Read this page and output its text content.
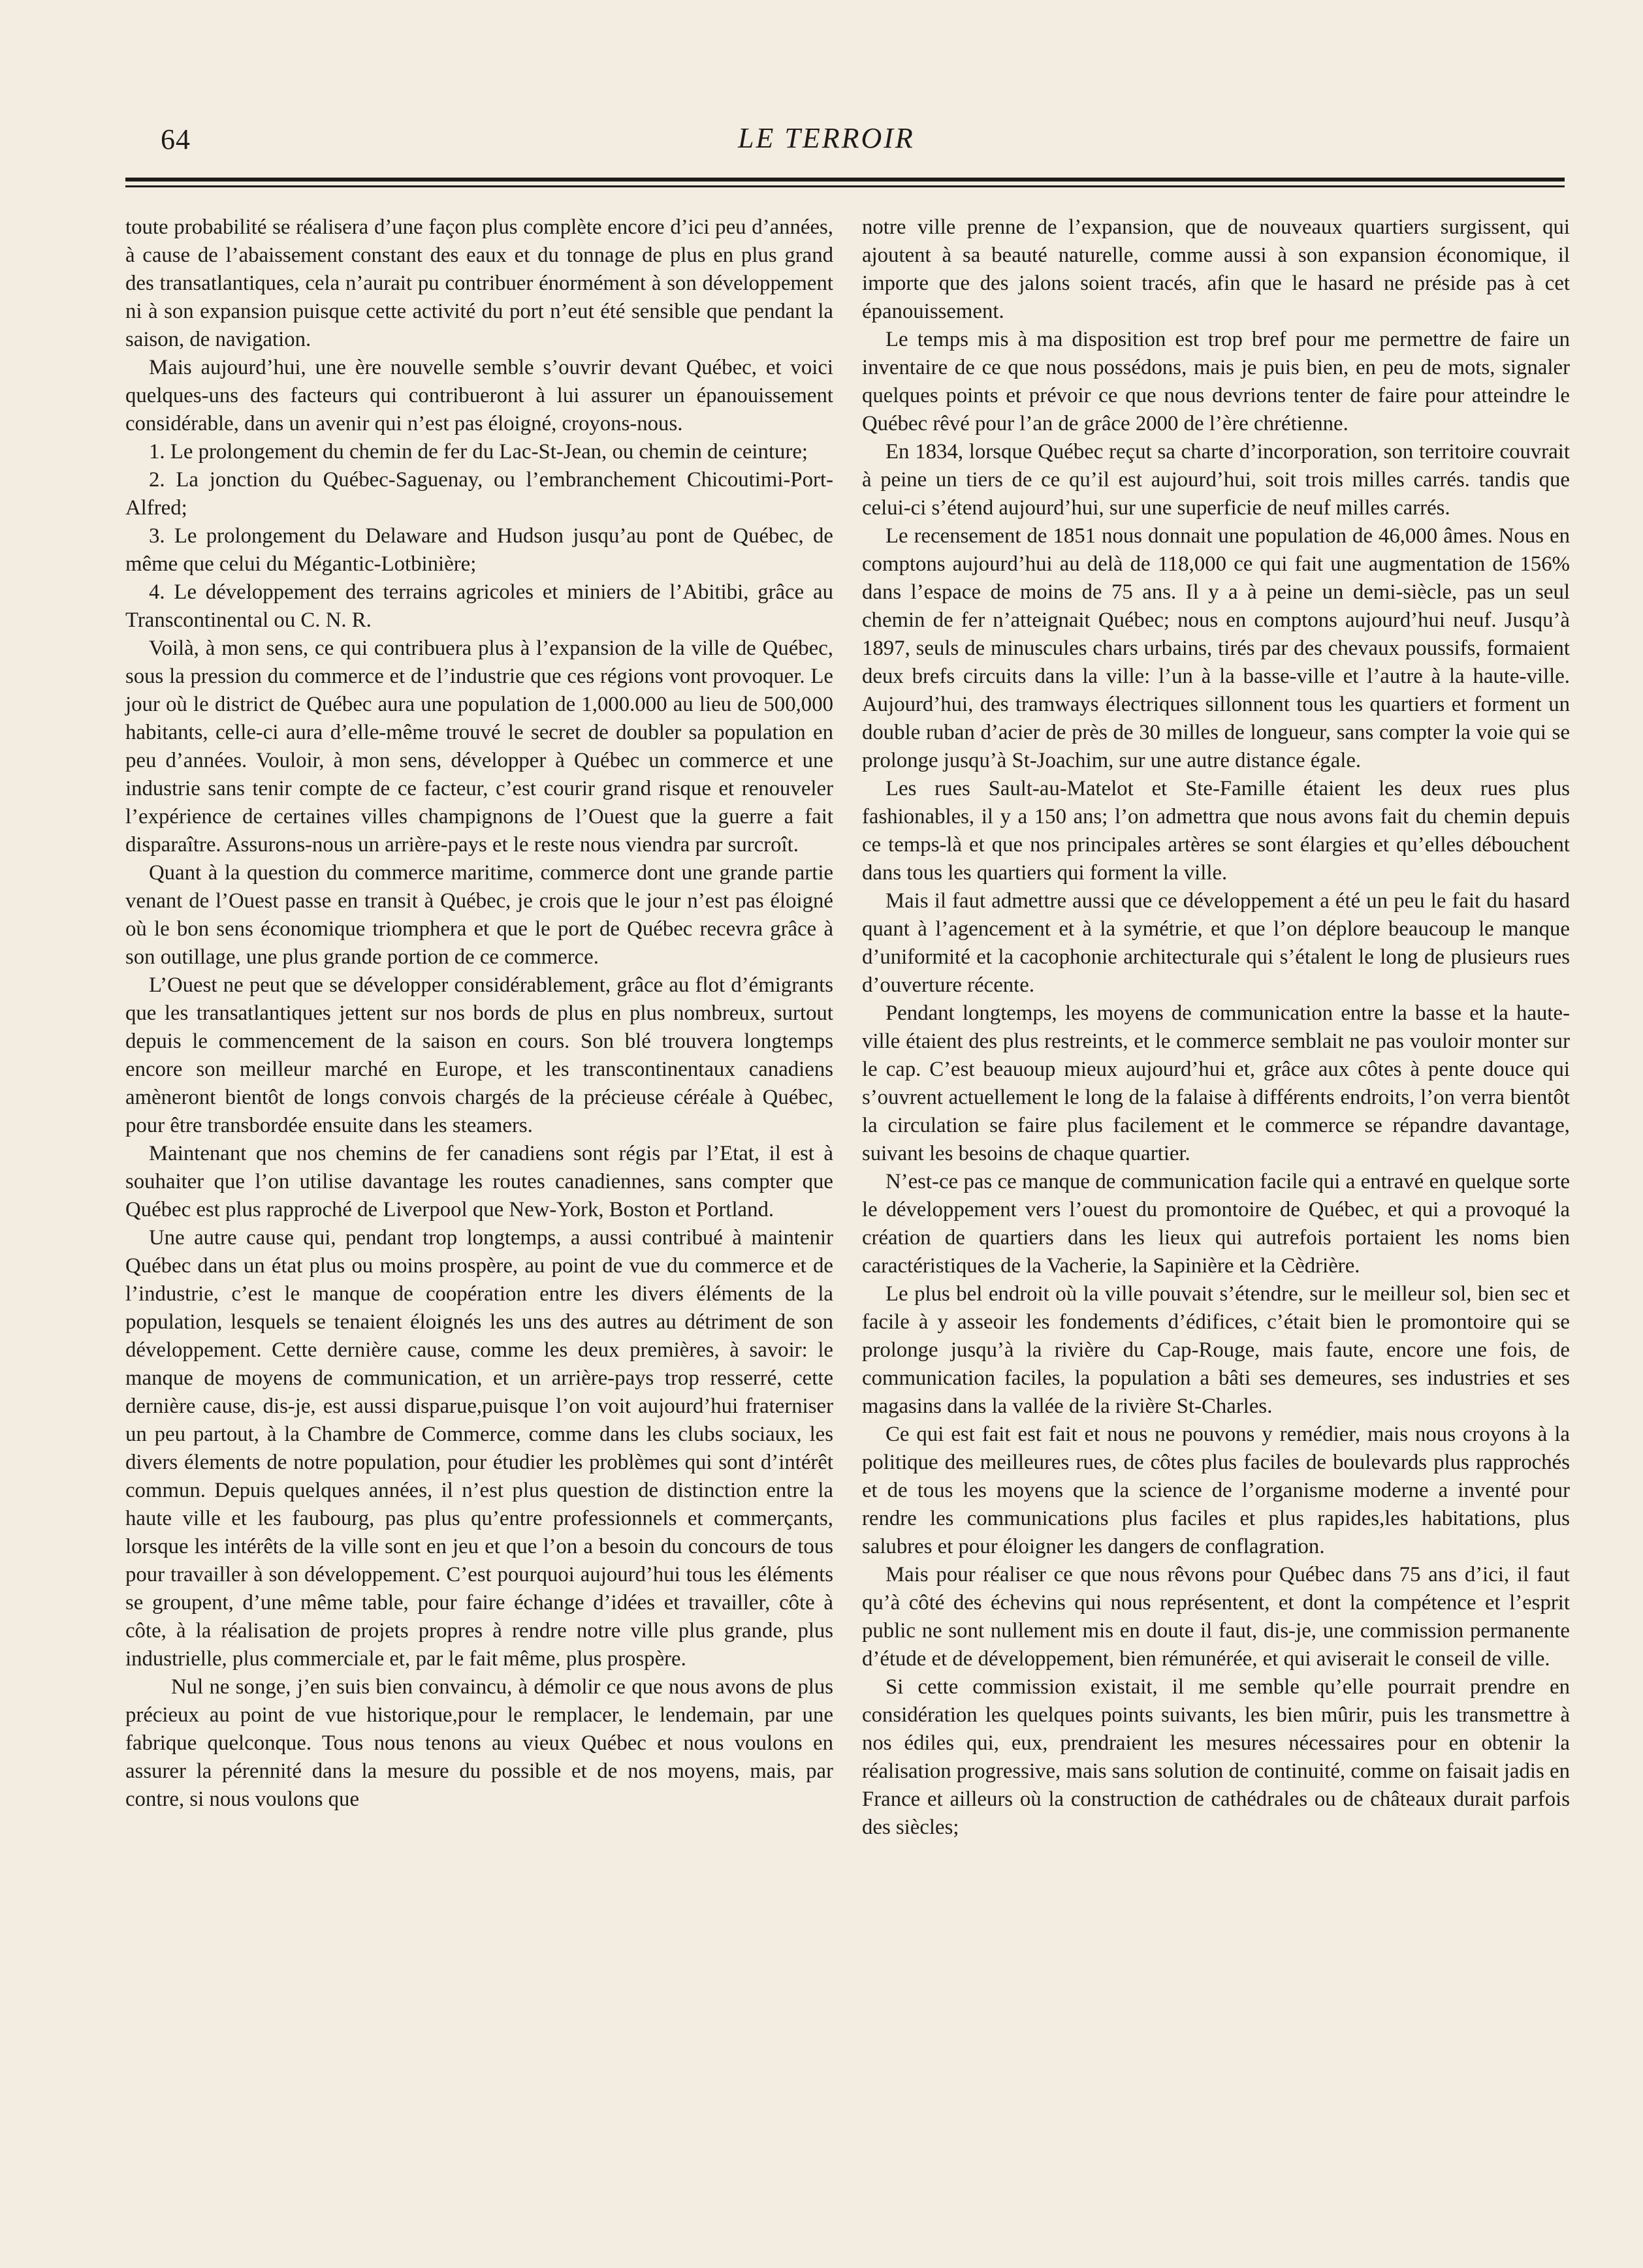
64	LE TERROIR

toute probabilité se réalisera d’une façon plus complète encore d’ici peu d’années, à cause de l’abaissement constant des eaux et du tonnage de plus en plus grand des transatlantiques, cela n’aurait pu contribuer énormément à son développement ni à son expansion puisque cette activité du port n’eut été sensible que pendant la saison, de navigation.

Mais aujourd’hui, une ère nouvelle semble s’ouvrir devant Québec, et voici quelques-uns des facteurs qui contribueront à lui assurer un épanouissement considérable, dans un avenir qui n’est pas éloigné, croyons-nous.

1. Le prolongement du chemin de fer du Lac-St-Jean, ou chemin de ceinture;

2. La jonction du Québec-Saguenay, ou l’embranchement Chicoutimi-Port-Alfred;

3. Le prolongement du Delaware and Hudson jusqu’au pont de Québec, de même que celui du Mégantic-Lotbinière;

4. Le développement des terrains agricoles et miniers de l’Abitibi, grâce au Transcontinental ou C. N. R.

Voilà, à mon sens, ce qui contribuera plus à l’expansion de la ville de Québec, sous la pression du commerce et de l’industrie que ces régions vont provoquer. Le jour où le district de Québec aura une population de 1,000.000 au lieu de 500,000 habitants, celle-ci aura d’elle-même trouvé le secret de doubler sa population en peu d’années. Vouloir, à mon sens, développer à Québec un commerce et une industrie sans tenir compte de ce facteur, c’est courir grand risque et renouveler l’expérience de certaines villes champignons de l’Ouest que la guerre a fait disparaître. Assurons-nous un arrière-pays et le reste nous viendra par surcroît.

Quant à la question du commerce maritime, commerce dont une grande partie venant de l’Ouest passe en transit à Québec, je crois que le jour n’est pas éloigné où le bon sens économique triomphera et que le port de Québec recevra grâce à son outillage, une plus grande portion de ce commerce.

L’Ouest ne peut que se développer considérablement, grâce au flot d’émigrants que les transatlantiques jettent sur nos bords de plus en plus nombreux, surtout depuis le commencement de la saison en cours. Son blé trouvera longtemps encore son meilleur marché en Europe, et les transcontinentaux canadiens amèneront bientôt de longs convois chargés de la précieuse céréale à Québec, pour être transbordée ensuite dans les steamers.

Maintenant que nos chemins de fer canadiens sont régis par l’Etat, il est à souhaiter que l’on utilise davantage les routes canadiennes, sans compter que Québec est plus rapproché de Liverpool que New-York, Boston et Portland.

Une autre cause qui, pendant trop longtemps, a aussi contribué à maintenir Québec dans un état plus ou moins prospère, au point de vue du commerce et de l’industrie, c’est le manque de coopération entre les divers éléments de la population, lesquels se tenaient éloignés les uns des autres au détriment de son développement. Cette dernière cause, comme les deux premières, à savoir: le manque de moyens de communication, et un arrière-pays trop resserré, cette dernière cause, dis-je, est aussi disparue,puisque l’on voit aujourd’hui fraterniser un peu partout, à la Chambre de Commerce, comme dans les clubs sociaux, les divers élements de notre population, pour étudier les problèmes qui sont d’intérêt commun. Depuis quelques années, il n’est plus question de distinction entre la haute ville et les faubourg, pas plus qu’entre professionnels et commerçants, lorsque les intérêts de la ville sont en jeu et que l’on a besoin du concours de tous pour travailler à son développement. C’est pourquoi aujourd’hui tous les éléments se groupent, d’une même table, pour faire échange d’idées et travailler, côte à côte, à la réalisation de projets propres à rendre notre ville plus grande, plus industrielle, plus commerciale et, par le fait même, plus prospère.

Nul ne songe, j’en suis bien convaincu, à démolir ce que nous avons de plus précieux au point de vue historique,pour le remplacer, le lendemain, par une fabrique quelconque. Tous nous tenons au vieux Québec et nous voulons en assurer la pérennité dans la mesure du possible et de nos moyens, mais, par contre, si nous voulons que

notre ville prenne de l’expansion, que de nouveaux quartiers surgissent, qui ajoutent à sa beauté naturelle, comme aussi à son expansion économique, il importe que des jalons soient tracés, afin que le hasard ne préside pas à cet épanouissement.

Le temps mis à ma disposition est trop bref pour me permettre de faire un inventaire de ce que nous possédons, mais je puis bien, en peu de mots, signaler quelques points et prévoir ce que nous devrions tenter de faire pour atteindre le Québec rêvé pour l’an de grâce 2000 de l’ère chrétienne.

En 1834, lorsque Québec reçut sa charte d’incorporation, son territoire couvrait à peine un tiers de ce qu’il est aujourd’hui, soit trois milles carrés. tandis que celui-ci s’étend aujourd’hui, sur une superficie de neuf milles carrés.

Le recensement de 1851 nous donnait une population de 46,000 âmes. Nous en comptons aujourd’hui au delà de 118,000 ce qui fait une augmentation de 156% dans l’espace de moins de 75 ans. Il y a à peine un demi-siècle, pas un seul chemin de fer n’atteignait Québec; nous en comptons aujourd’hui neuf. Jusqu’à 1897, seuls de minuscules chars urbains, tirés par des chevaux poussifs, formaient deux brefs circuits dans la ville: l’un à la basse-ville et l’autre à la haute-ville. Aujourd’hui, des tramways électriques sillonnent tous les quartiers et forment un double ruban d’acier de près de 30 milles de longueur, sans compter la voie qui se prolonge jusqu’à St-Joachim, sur une autre distance égale.

Les rues Sault-au-Matelot et Ste-Famille étaient les deux rues plus fashionables, il y a 150 ans; l’on admettra que nous avons fait du chemin depuis ce temps-là et que nos principales artères se sont élargies et qu’elles débouchent dans tous les quartiers qui forment la ville.

Mais il faut admettre aussi que ce développement a été un peu le fait du hasard quant à l’agencement et à la symétrie, et que l’on déplore beaucoup le manque d’uniformité et la cacophonie architecturale qui s’étalent le long de plusieurs rues d’ouverture récente.

Pendant longtemps, les moyens de communication entre la basse et la haute-ville étaient des plus restreints, et le commerce semblait ne pas vouloir monter sur le cap. C’est beauoup mieux aujourd’hui et, grâce aux côtes à pente douce qui s’ouvrent actuellement le long de la falaise à différents endroits, l’on verra bientôt la circulation se faire plus facilement et le commerce se répandre davantage, suivant les besoins de chaque quartier.

N’est-ce pas ce manque de communication facile qui a entravé en quelque sorte le développement vers l’ouest du promontoire de Québec, et qui a provoqué la création de quartiers dans les lieux qui autrefois portaient les noms bien caractéristiques de la Vacherie, la Sapinière et la Cèdrière.

Le plus bel endroit où la ville pouvait s’étendre, sur le meilleur sol, bien sec et facile à y asseoir les fondements d’édifices, c’était bien le promontoire qui se prolonge jusqu’à la rivière du Cap-Rouge, mais faute, encore une fois, de communication faciles, la population a bâti ses demeures, ses industries et ses magasins dans la vallée de la rivière St-Charles.

Ce qui est fait est fait et nous ne pouvons y remédier, mais nous croyons à la politique des meilleures rues, de côtes plus faciles de boulevards plus rapprochés et de tous les moyens que la science de l’organisme moderne a inventé pour rendre les communications plus faciles et plus rapides,les habitations, plus salubres et pour éloigner les dangers de conflagration.

Mais pour réaliser ce que nous rêvons pour Québec dans 75 ans d’ici, il faut qu’à côté des échevins qui nous représentent, et dont la compétence et l’esprit public ne sont nullement mis en doute il faut, dis-je, une commission permanente d’étude et de développement, bien rémunérée, et qui aviserait le conseil de ville.

Si cette commission existait, il me semble qu’elle pourrait prendre en considération les quelques points suivants, les bien mûrir, puis les transmettre à nos édiles qui, eux, prendraient les mesures nécessaires pour en obtenir la réalisation progressive, mais sans solution de continuité, comme on faisait jadis en France et ailleurs où la construction de cathédrales ou de châteaux durait parfois des siècles;
